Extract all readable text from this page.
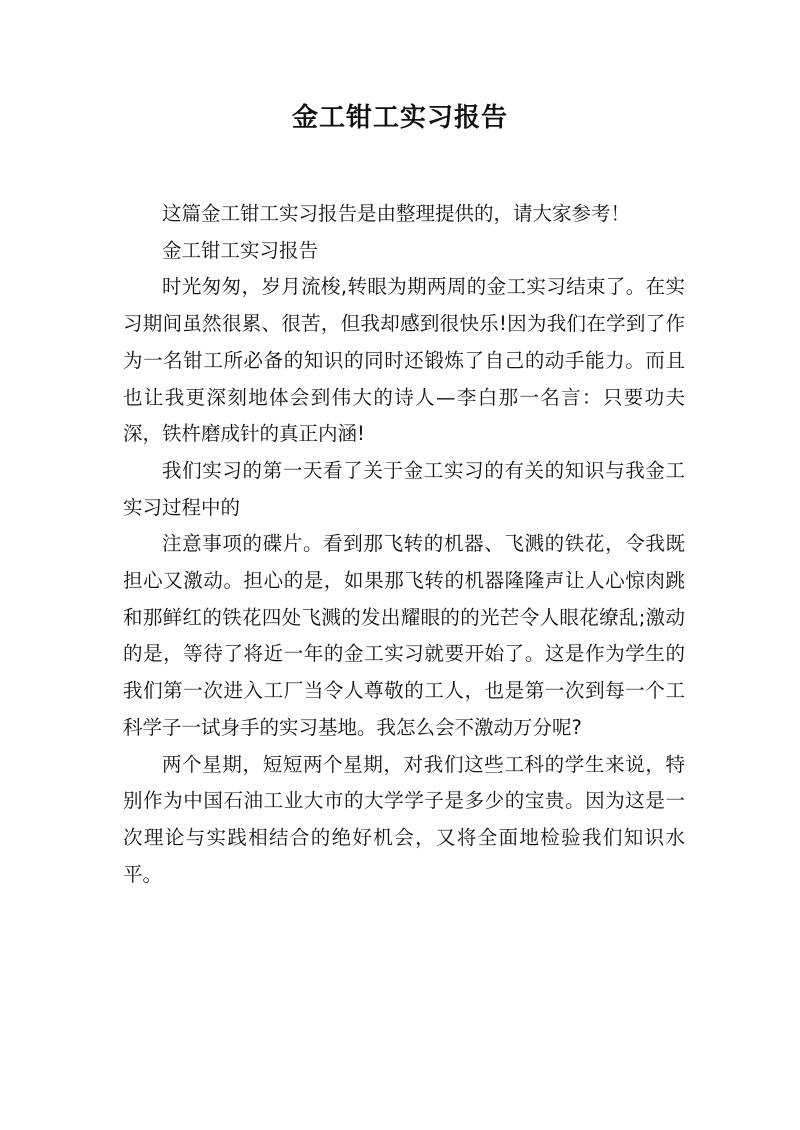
金工钳工实习报告

这篇金工钳工实习报告是由整理提供的，请大家参考！

金工钳工实习报告

时光匆匆，岁月流梭,转眼为期两周的金工实习结束了。在实习期间虽然很累、很苦，但我却感到很快乐!因为我们在学到了作为一名钳工所必备的知识的同时还锻炼了自己的动手能力。而且也让我更深刻地体会到伟大的诗人—李白那一名言：只要功夫深，铁杵磨成针的真正内涵!

我们实习的第一天看了关于金工实习的有关的知识与我金工实习过程中的

注意事项的碟片。看到那飞转的机器、飞溅的铁花，令我既担心又激动。担心的是，如果那飞转的机器隆隆声让人心惊肉跳和那鲜红的铁花四处飞溅的发出耀眼的的光芒令人眼花缭乱;激动的是，等待了将近一年的金工实习就要开始了。这是作为学生的我们第一次进入工厂当令人尊敬的工人，也是第一次到每一个工科学子一试身手的实习基地。我怎么会不激动万分呢?

两个星期，短短两个星期，对我们这些工科的学生来说，特别作为中国石油工业大市的大学学子是多少的宝贵。因为这是一次理论与实践相结合的绝好机会，又将全面地检验我们知识水平。
